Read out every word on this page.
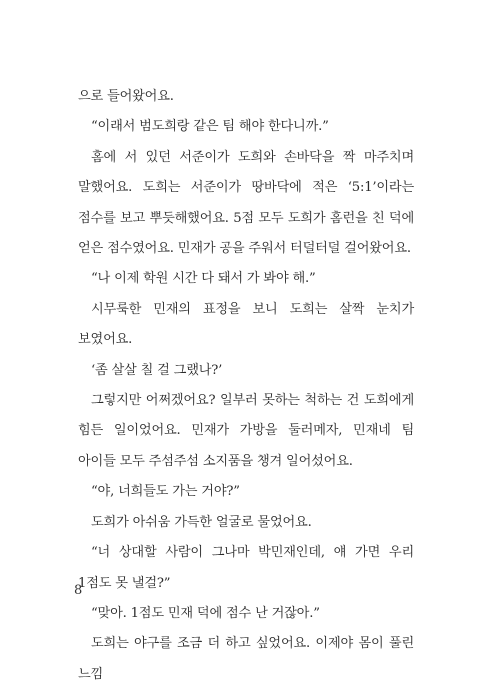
으로 들어왔어요.

“이래서 범도희랑 같은 팀 해야 한다니까.”

홈에 서 있던 서준이가 도희와 손바닥을 짝 마주치며 말했어요. 도희는 서준이가 땅바닥에 적은 ‘5:1’이라는 점수를 보고 뿌듯해했어요. 5점 모두 도희가 홈런을 친 덕에 얻은 점수였어요. 민재가 공을 주워서 터덜터덜 걸어왔어요.

“나 이제 학원 시간 다 돼서 가 봐야 해.”

시무룩한 민재의 표정을 보니 도희는 살짝 눈치가 보였어요.

‘좀 살살 칠 걸 그랬나?’

그렇지만 어쩌겠어요? 일부러 못하는 척하는 건 도희에게 힘든 일이었어요. 민재가 가방을 둘러메자, 민재네 팀 아이들 모두 주섬주섬 소지품을 챙겨 일어섰어요.

“야, 너희들도 가는 거야?”

도희가 아쉬움 가득한 얼굴로 물었어요.

“너 상대할 사람이 그나마 박민재인데, 얘 가면 우리 1점도 못 낼걸?”

“맞아. 1점도 민재 덕에 점수 난 거잖아.”

도희는 야구를 조금 더 하고 싶었어요. 이제야 몸이 풀린 느낌

8
